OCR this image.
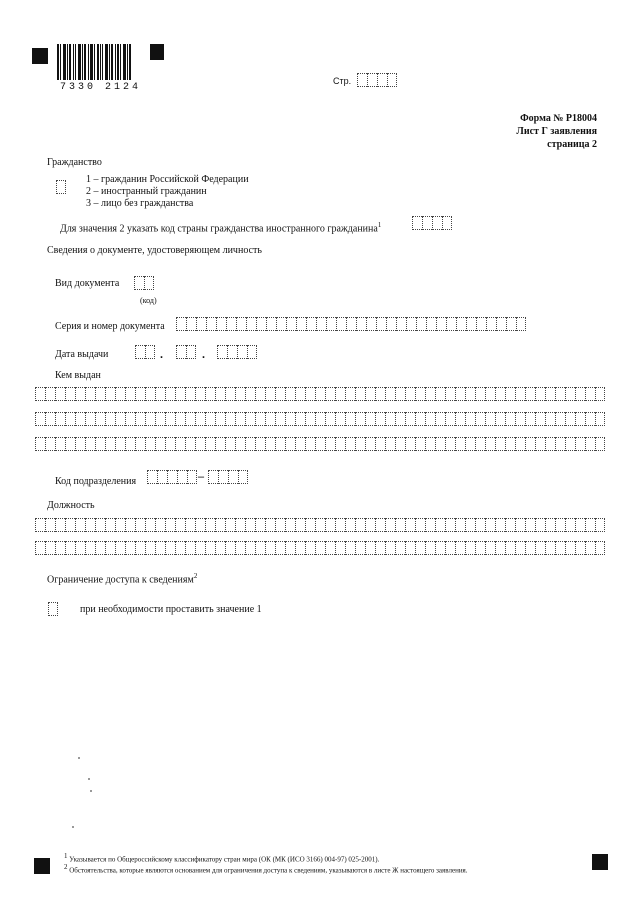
7330 2124
Стр.
Форма № Р18004
Лист Г заявления
страница 2
Гражданство
1 – гражданин Российской Федерации
2 – иностранный гражданин
3 – лицо без гражданства
Для значения 2 указать код страны гражданства иностранного гражданина$^1$
Сведения о документе, удостоверяющем личность
Вид документа
(код)
Серия и номер документа
Дата выдачи	.	.
Кем выдан
Код подразделения	–
Должность
Ограничение доступа к сведениям$^2$
при необходимости проставить значение 1
$^1$ Указывается по Общероссийскому классификатору стран мира (ОК (МК (ИСО 3166) 004-97) 025-2001).
$^2$ Обстоятельства, которые являются основанием для ограничения доступа к сведениям, указываются в листе Ж настоящего заявления.
